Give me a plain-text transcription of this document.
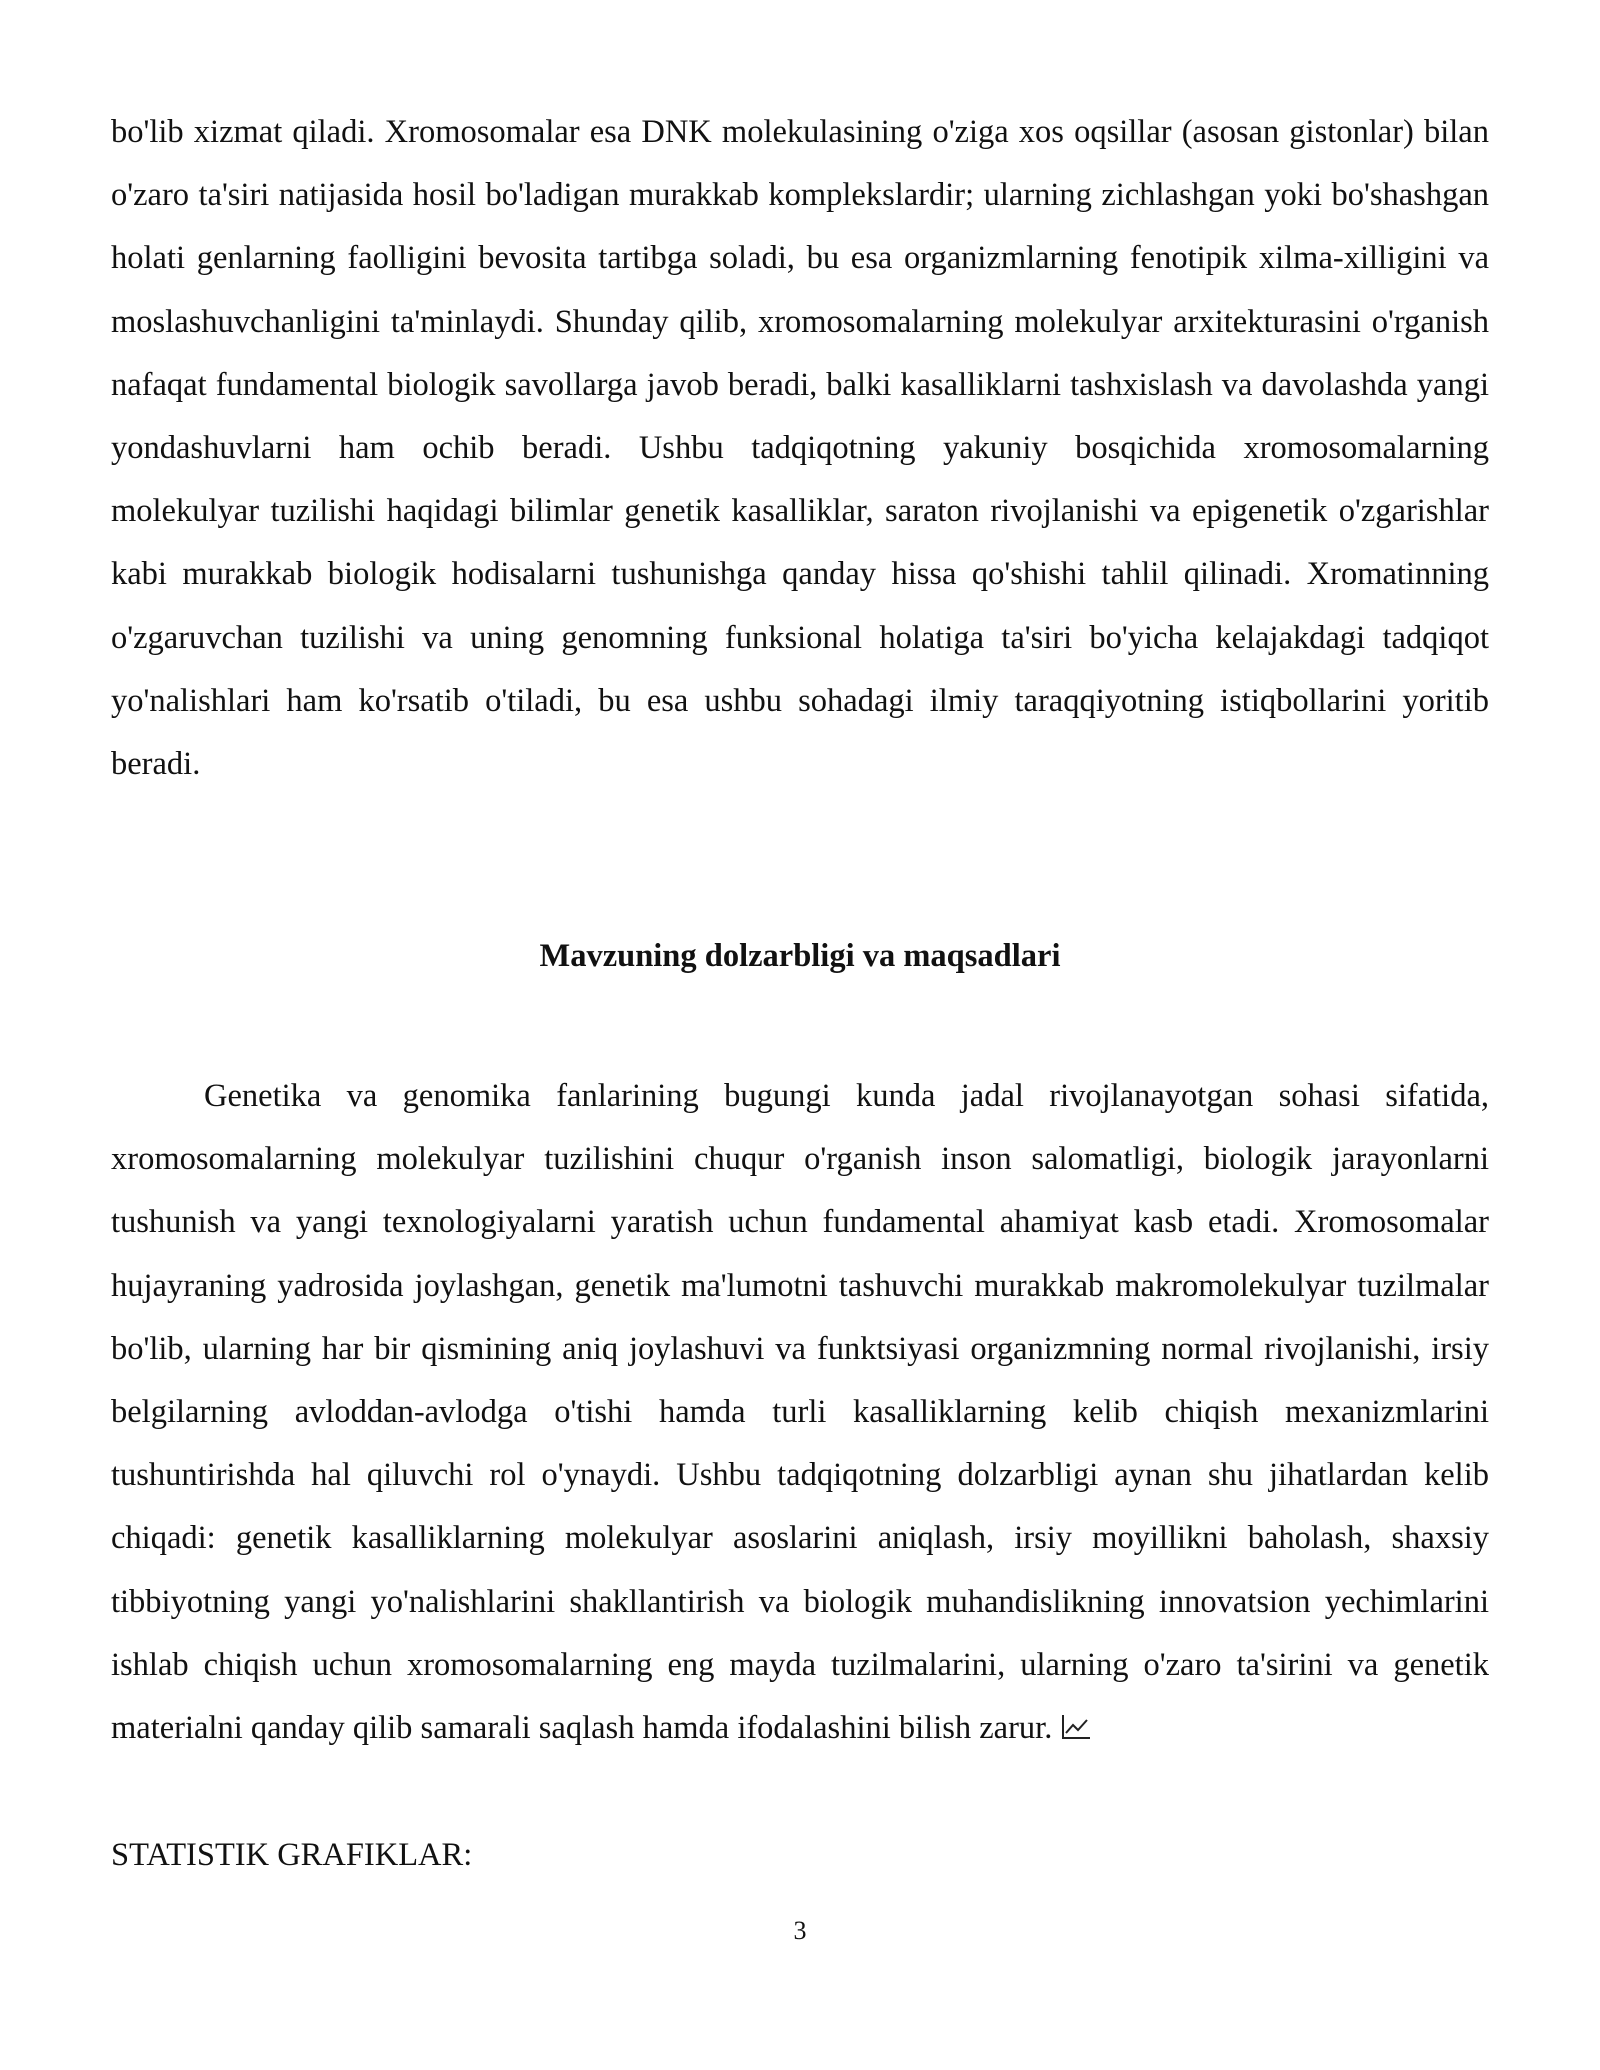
bo'lib xizmat qiladi. Xromosomalar esa DNK molekulasining o'ziga xos oqsillar (asosan gistonlar) bilan o'zaro ta'siri natijasida hosil bo'ladigan murakkab komplekslardir; ularning zichlashgan yoki bo'shashgan holati genlarning faolligini bevosita tartibga soladi, bu esa organizmlarning fenotipik xilma-xilligini va moslashuvchanligini ta'minlaydi. Shunday qilib, xromosomalarning molekulyar arxitekturasini o'rganish nafaqat fundamental biologik savollarga javob beradi, balki kasalliklarni tashxislash va davolashda yangi yondashuvlarni ham ochib beradi. Ushbu tadqiqotning yakuniy bosqichida xromosomalarning molekulyar tuzilishi haqidagi bilimlar genetik kasalliklar, saraton rivojlanishi va epigenetik o'zgarishlar kabi murakkab biologik hodisalarni tushunishga qanday hissa qo'shishi tahlil qilinadi. Xromatinning o'zgaruvchan tuzilishi va uning genomning funksional holatiga ta'siri bo'yicha kelajakdagi tadqiqot yo'nalishlari ham ko'rsatib o'tiladi, bu esa ushbu sohadagi ilmiy taraqqiyotning istiqbollarini yoritib beradi.

Mavzuning dolzarbligi va maqsadlari

Genetika va genomika fanlarining bugungi kunda jadal rivojlanayotgan sohasi sifatida, xromosomalarning molekulyar tuzilishini chuqur o'rganish inson salomatligi, biologik jarayonlarni tushunish va yangi texnologiyalarni yaratish uchun fundamental ahamiyat kasb etadi. Xromosomalar hujayraning yadrosida joylashgan, genetik ma'lumotni tashuvchi murakkab makromolekulyar tuzilmalar bo'lib, ularning har bir qismining aniq joylashuvi va funktsiyasi organizmning normal rivojlanishi, irsiy belgilarning avloddan-avlodga o'tishi hamda turli kasalliklarning kelib chiqish mexanizmlarini tushuntirishda hal qiluvchi rol o'ynaydi. Ushbu tadqiqotning dolzarbligi aynan shu jihatlardan kelib chiqadi: genetik kasalliklarning molekulyar asoslarini aniqlash, irsiy moyillikni baholash, shaxsiy tibbiyotning yangi yo'nalishlarini shakllantirish va biologik muhandislikning innovatsion yechimlarini ishlab chiqish uchun xromosomalarning eng mayda tuzilmalarini, ularning o'zaro ta'sirini va genetik materialni qanday qilib samarali saqlash hamda ifodalashini bilish zarur.

STATISTIK GRAFIKLAR:

3
